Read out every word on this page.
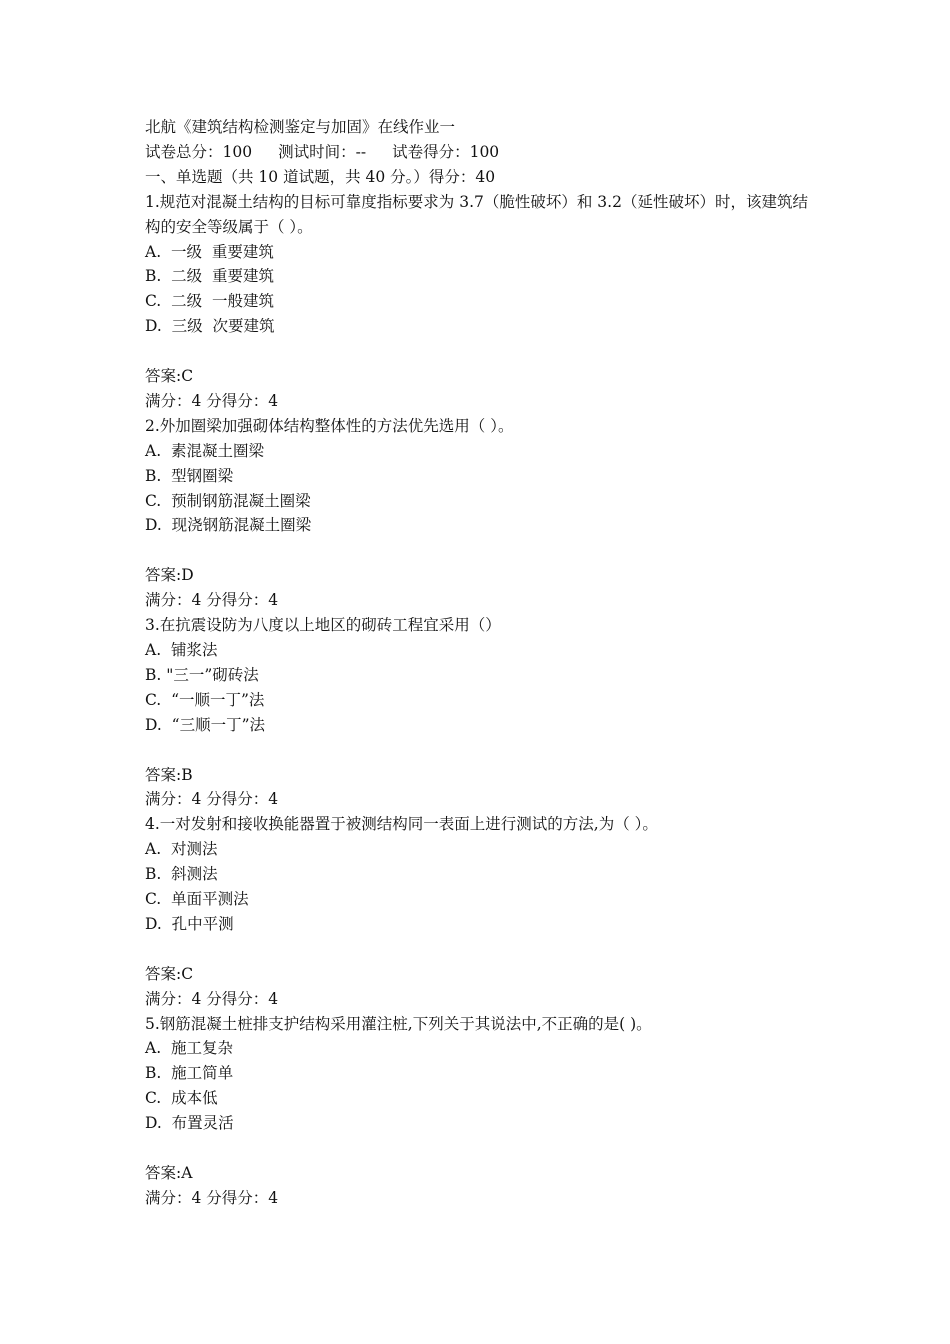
北航《建筑结构检测鉴定与加固》在线作业一

试卷总分：100 测试时间：-- 试卷得分：100

一、单选题（共 10 道试题，共 40 分。）得分：40

1.规范对混凝土结构的目标可靠度指标要求为 3.7（脆性破坏）和 3.2（延性破坏）时，该建筑结构的安全等级属于（ ）。

A.  一级  重要建筑

B.  二级  重要建筑

C.  二级  一般建筑

D.  三级  次要建筑

答案:C

满分：4 分得分：4

2.外加圈梁加强砌体结构整体性的方法优先选用（ ）。

A.  素混凝土圈梁

B.  型钢圈梁

C.  预制钢筋混凝土圈梁

D.  现浇钢筋混凝土圈梁

答案:D

满分：4 分得分：4

3.在抗震设防为八度以上地区的砌砖工程宜采用（）

A.  铺浆法

B. "三一”砌砖法

C.  “一顺一丁”法

D.  “三顺一丁”法

答案:B

满分：4 分得分：4

4.一对发射和接收换能器置于被测结构同一表面上进行测试的方法,为（ ）。

A.  对测法

B.  斜测法

C.  单面平测法

D.  孔中平测

答案:C

满分：4 分得分：4

5.钢筋混凝土桩排支护结构采用灌注桩,下列关于其说法中,不正确的是( )。

A.  施工复杂

B.  施工简单

C.  成本低

D.  布置灵活

答案:A

满分：4 分得分：4
